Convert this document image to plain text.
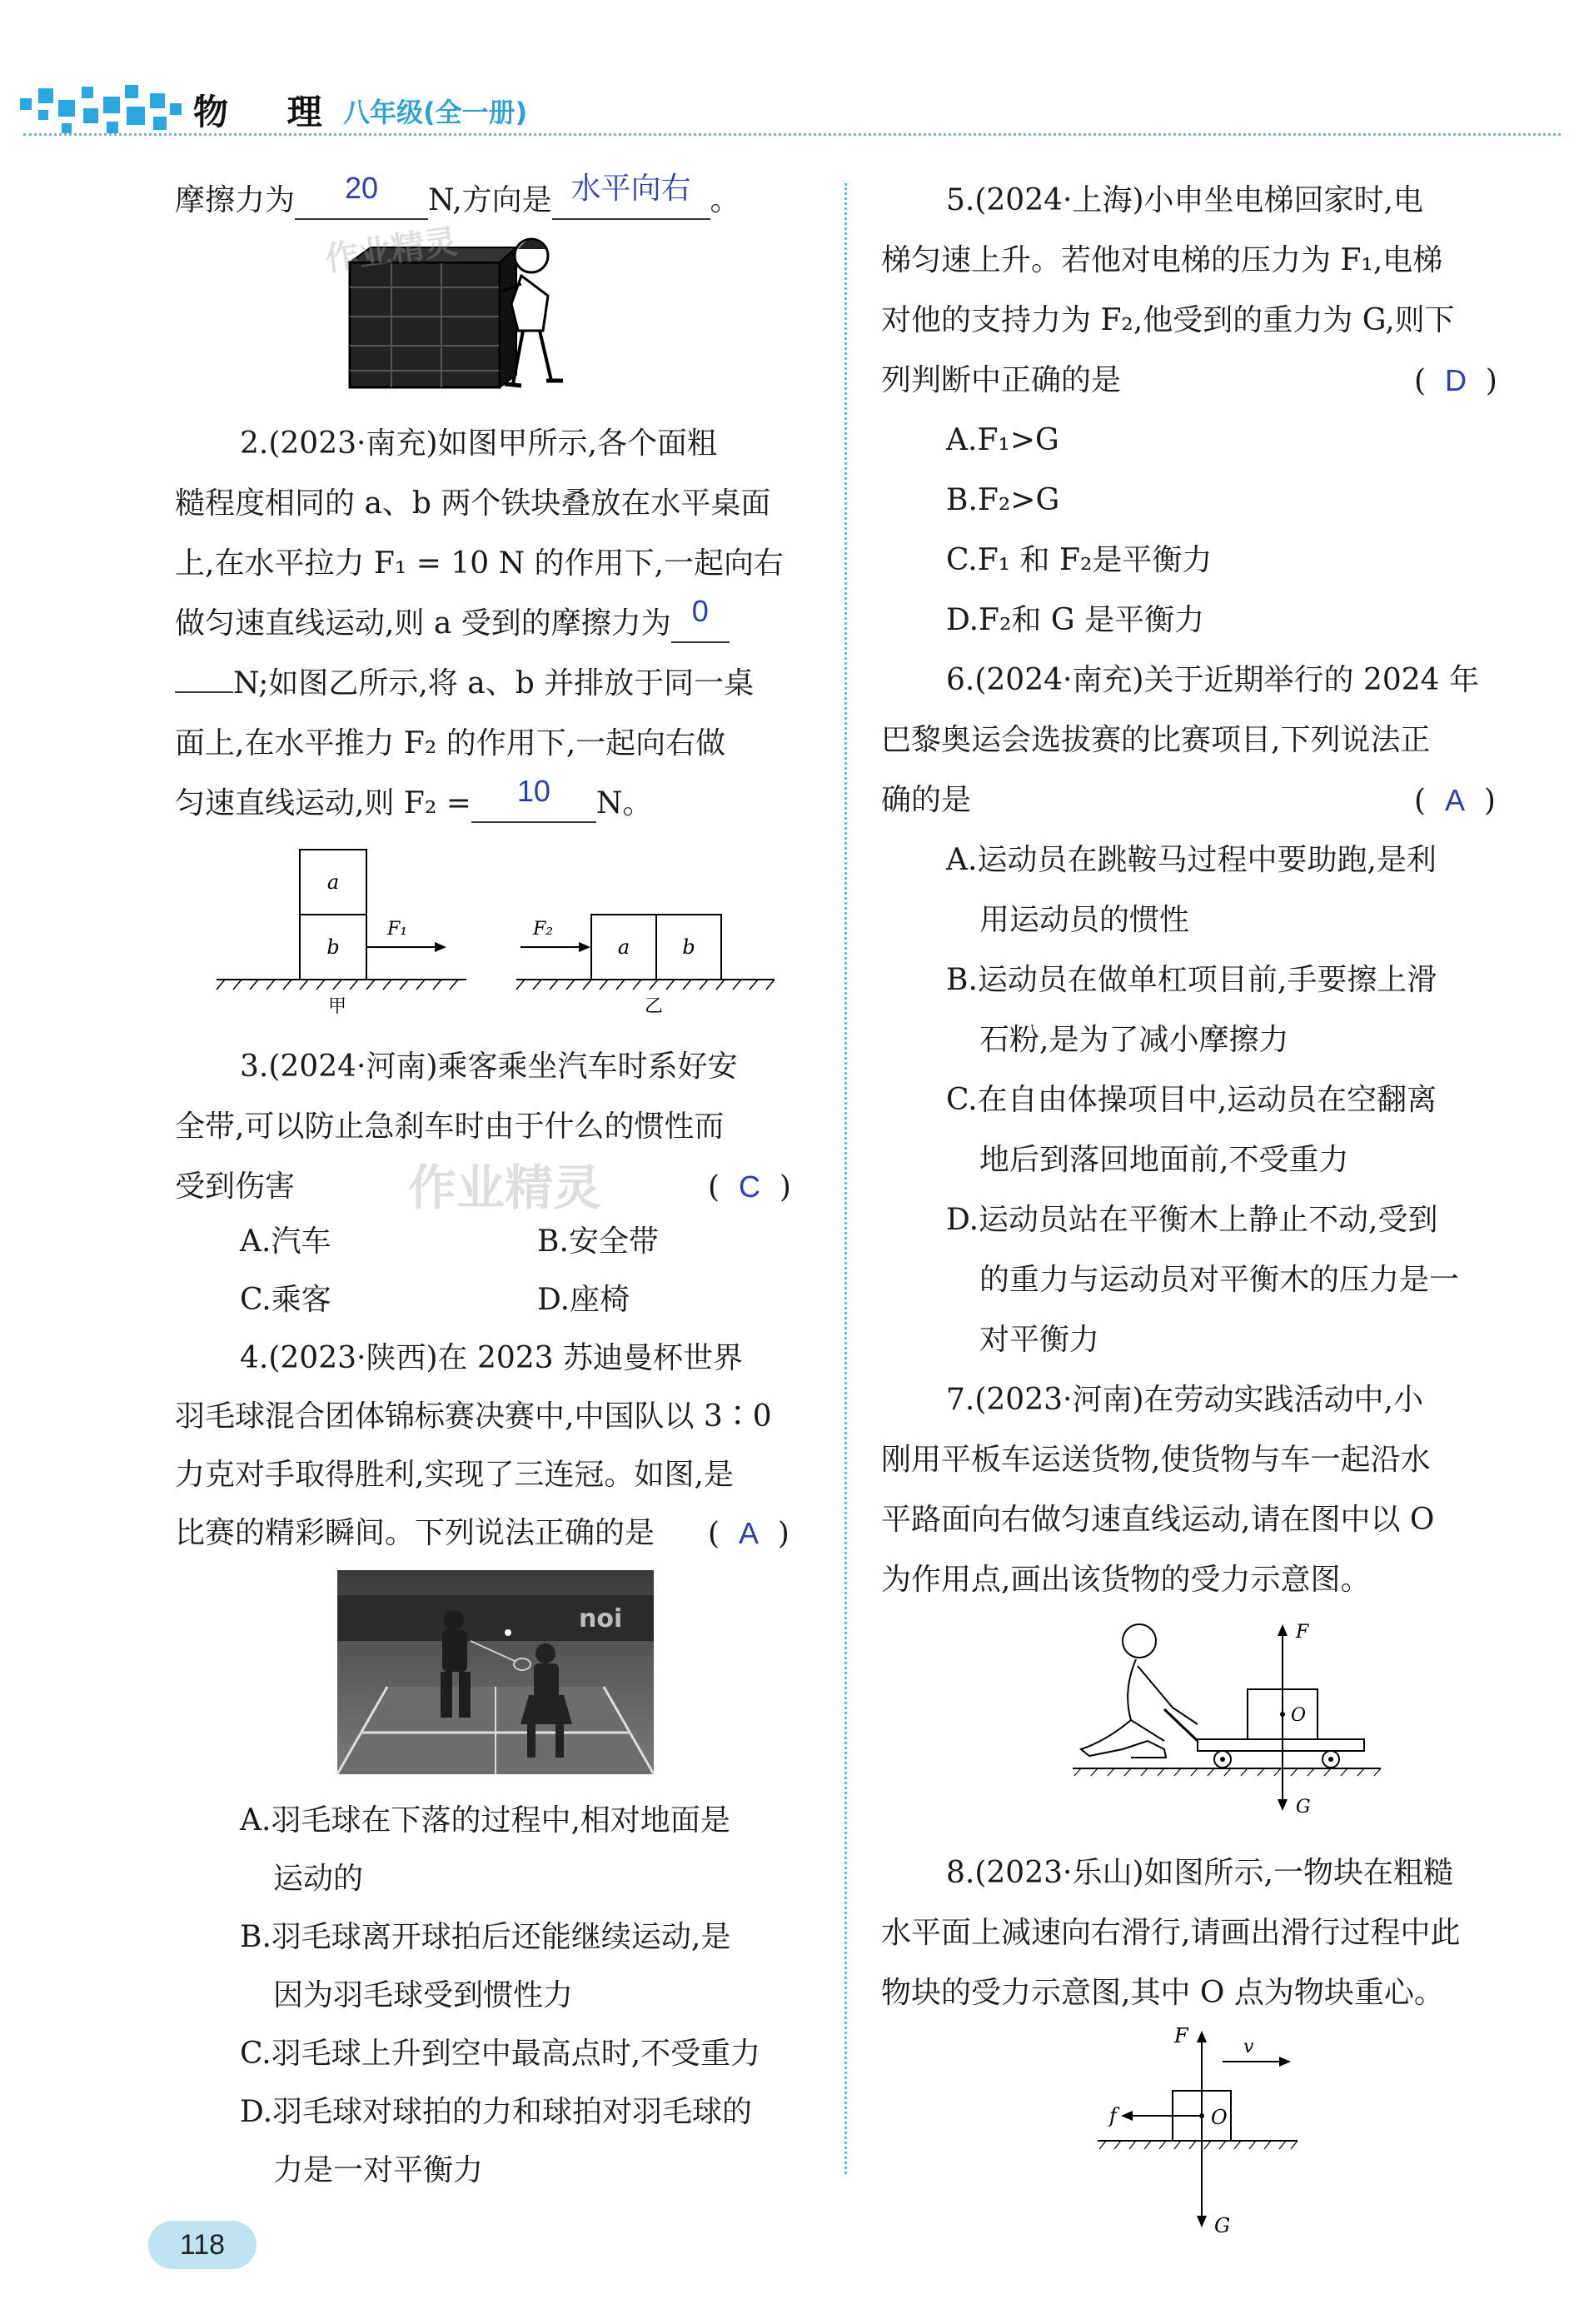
物 理
八年级(全一册)
摩擦力为 20 N,方向是 水平向右 。
作业精灵
2.(2023·南充)如图甲所示,各个面粗
糙程度相同的 a、b 两个铁块叠放在水平桌面
上,在水平拉力 F₁ = 10 N 的作用下,一起向右
做匀速直线运动,则 a 受到的摩擦力为 0
N;如图乙所示,将 a、b 并排放于同一桌
面上,在水平推力 F₂ 的作用下,一起向右做
匀速直线运动,则 F₂ = 10 N。
a
b
F₁
甲
F₂
a	b
乙
3.(2024·河南)乘客乘坐汽车时系好安
全带,可以防止急刹车时由于什么的惯性而
受到伤害	(  C  )
作业精灵
A.汽车	B.安全带
C.乘客	D.座椅
4.(2023·陕西)在 2023 苏迪曼杯世界
羽毛球混合团体锦标赛决赛中,中国队以 3∶0
力克对手取得胜利,实现了三连冠。如图,是
比赛的精彩瞬间。下列说法正确的是 (  A  )
noi
A.羽毛球在下落的过程中,相对地面是
运动的
B.羽毛球离开球拍后还能继续运动,是
因为羽毛球受到惯性力
C.羽毛球上升到空中最高点时,不受重力
D.羽毛球对球拍的力和球拍对羽毛球的
力是一对平衡力
5.(2024·上海)小申坐电梯回家时,电
梯匀速上升。若他对电梯的压力为 F₁,电梯
对他的支持力为 F₂,他受到的重力为 G,则下
列判断中正确的是	(  D  )
A.F₁>G
B.F₂>G
C.F₁ 和 F₂是平衡力
D.F₂和 G 是平衡力
6.(2024·南充)关于近期举行的 2024 年
巴黎奥运会选拔赛的比赛项目,下列说法正
确的是	(  A  )
A.运动员在跳鞍马过程中要助跑,是利
用运动员的惯性
B.运动员在做单杠项目前,手要擦上滑
石粉,是为了减小摩擦力
C.在自由体操项目中,运动员在空翻离
地后到落回地面前,不受重力
D.运动员站在平衡木上静止不动,受到
的重力与运动员对平衡木的压力是一
对平衡力
7.(2023·河南)在劳动实践活动中,小
刚用平板车运送货物,使货物与车一起沿水
平路面向右做匀速直线运动,请在图中以 O
为作用点,画出该货物的受力示意图。
F
O
G
8.(2023·乐山)如图所示,一物块在粗糙
水平面上减速向右滑行,请画出滑行过程中此
物块的受力示意图,其中 O 点为物块重心。
F	v
f	O
G
118
